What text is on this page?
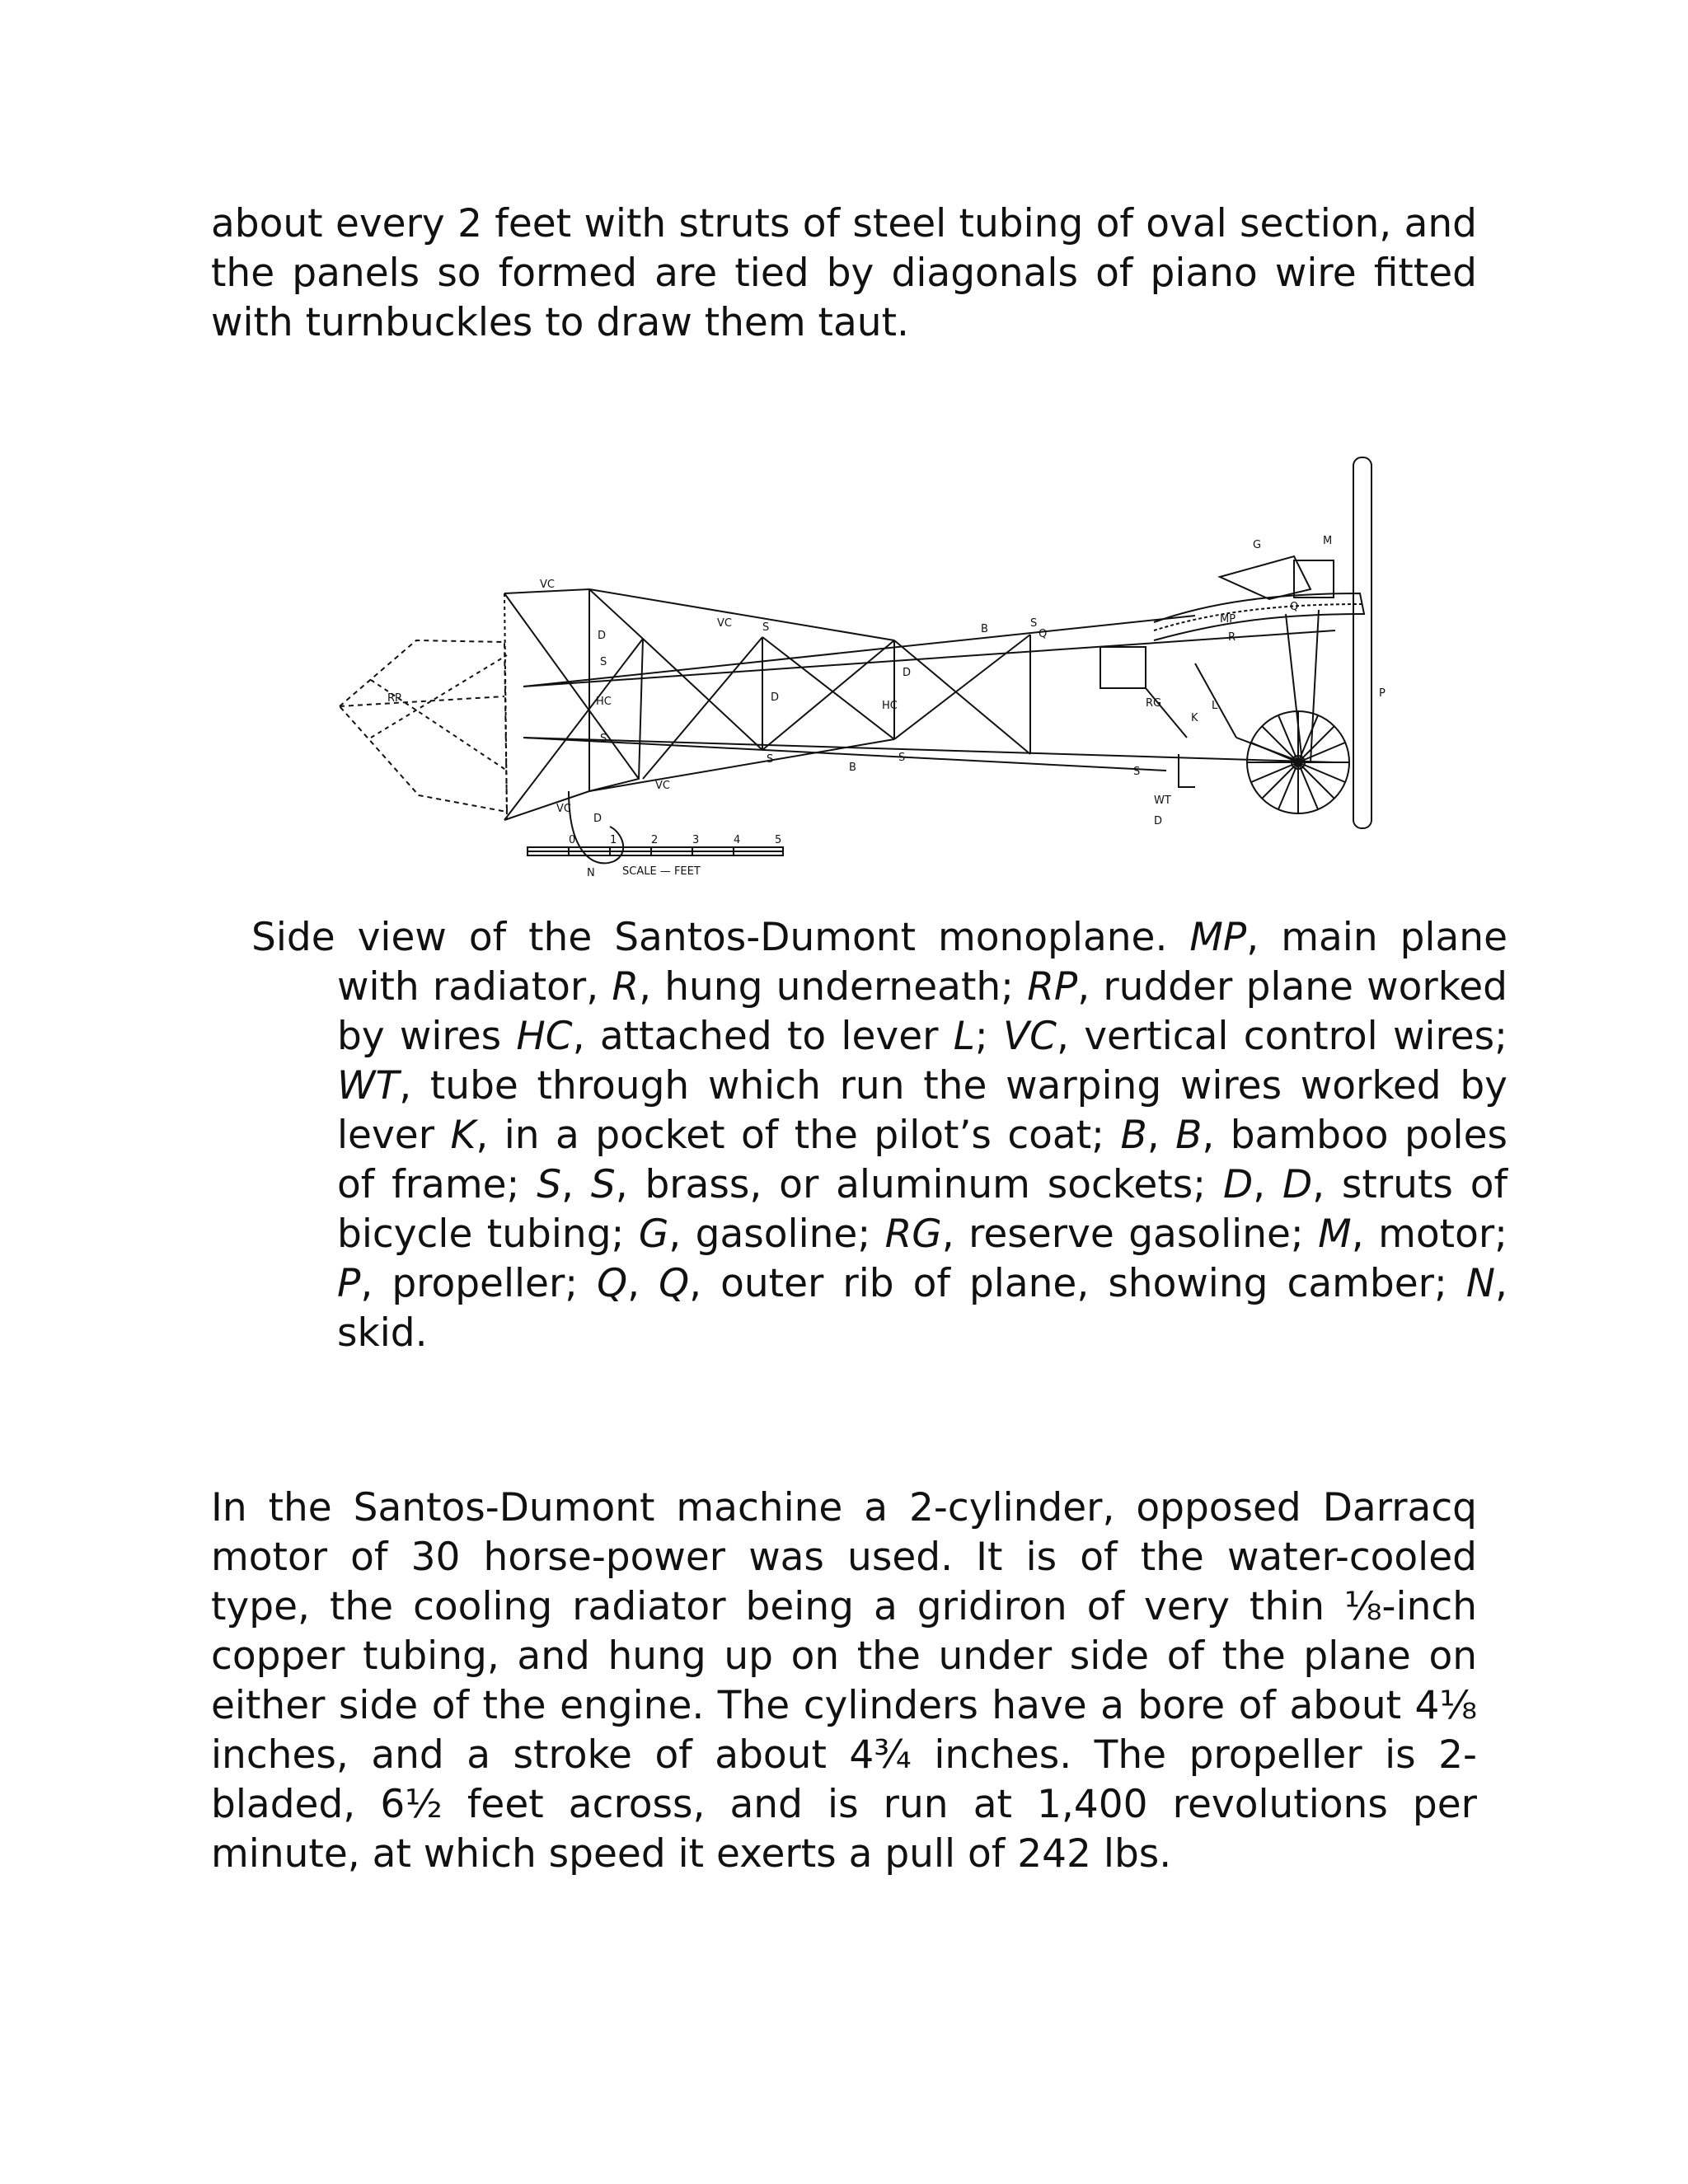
about every 2 feet with struts of steel tubing of oval section, and the panels so formed are tied by diagonals of piano wire fitted with turnbuckles to draw them taut.

VC
VC
VC
VC
RP
N
D
D
D
D	D
S
S
S	S
S	S
HC	HC
B
B
G	M
MP
Q
Q
R
RG	L
K
P
WT
S
0	1	2	3	4	5
SCALE — FEET

Side view of the Santos-Dumont monoplane. MP, main plane with radiator, R, hung underneath; RP, rudder plane worked by wires HC, attached to lever L; VC, vertical control wires; WT, tube through which run the warping wires worked by lever K, in a pocket of the pilot’s coat; B, B, bamboo poles of frame; S, S, brass, or aluminum sockets; D, D, struts of bicycle tubing; G, gasoline; RG, reserve gasoline; M, motor; P, propeller; Q, Q, outer rib of plane, showing camber; N, skid.

In the Santos-Dumont machine a 2-cylinder, opposed Darracq motor of 30 horse-power was used. It is of the water-cooled type, the cooling radiator being a gridiron of very thin ⅛-inch copper tubing, and hung up on the under side of the plane on either side of the engine. The cylinders have a bore of about 4⅛ inches, and a stroke of about 4¾ inches. The propeller is 2-bladed, 6½ feet across, and is run at 1,400 revolutions per minute, at which speed it exerts a pull of 242 lbs.
